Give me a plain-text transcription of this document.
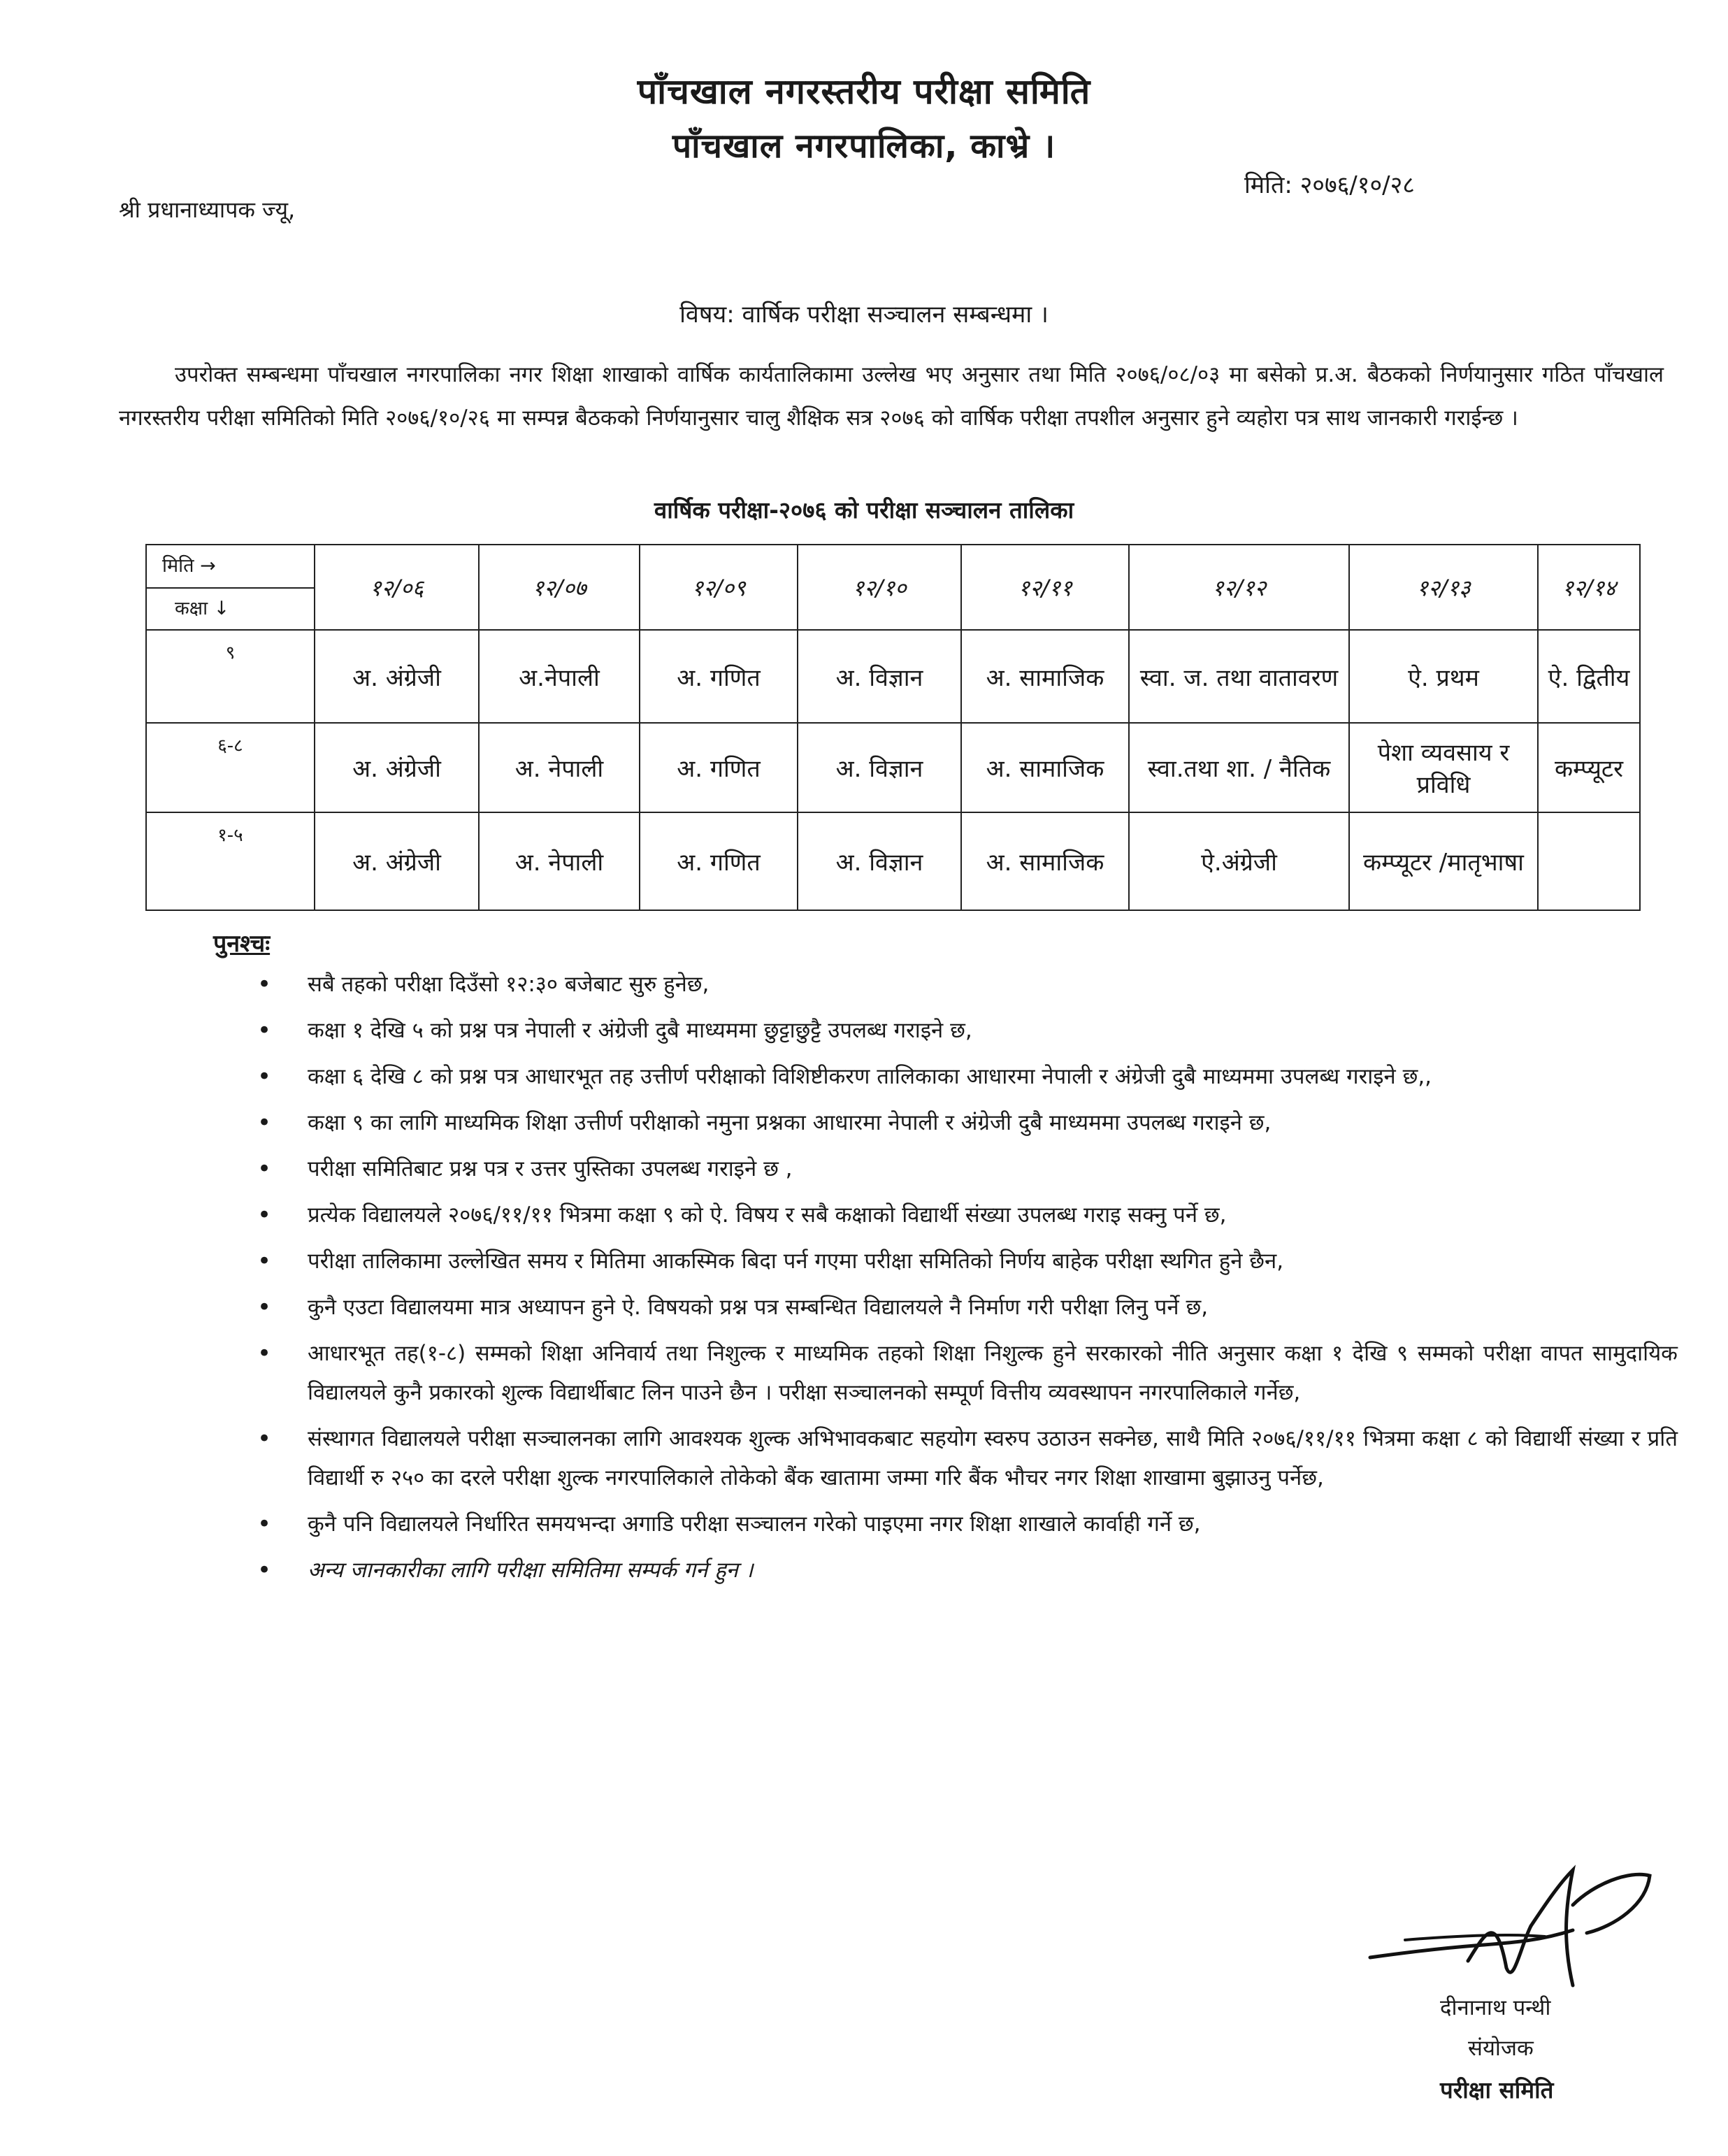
पाँचखाल नगरस्तरीय परीक्षा समिति
पाँचखाल नगरपालिका, काभ्रे ।
मिति: २०७६/१०/२८
श्री प्रधानाध्यापक ज्यू,
विषय: वार्षिक परीक्षा सञ्चालन सम्बन्धमा ।
उपरोक्त सम्बन्धमा पाँचखाल नगरपालिका नगर शिक्षा शाखाको वार्षिक कार्यतालिकामा उल्लेख भए अनुसार तथा मिति २०७६/०८/०३ मा बसेको प्र.अ. बैठकको निर्णयानुसार गठित पाँचखाल नगरस्तरीय परीक्षा समितिको मिति २०७६/१०/२६ मा सम्पन्न बैठकको निर्णयानुसार चालु शैक्षिक सत्र २०७६ को वार्षिक परीक्षा तपशील अनुसार हुने व्यहोरा पत्र साथ जानकारी गराईन्छ ।
वार्षिक परीक्षा-२०७६ को परीक्षा सञ्चालन तालिका
मिति →
कक्षा ↓	१२/०६	१२/०७	१२/०९	१२/१०	१२/११	१२/१२	१२/१३	१२/१४
९	अ. अंग्रेजी	अ.नेपाली	अ. गणित	अ. विज्ञान	अ. सामाजिक	स्वा. ज. तथा वातावरण	ऐ. प्रथम	ऐ. द्वितीय
६-८	अ. अंग्रेजी	अ. नेपाली	अ. गणित	अ. विज्ञान	अ. सामाजिक	स्वा.तथा शा. / नैतिक	पेशा व्यवसाय र प्रविधि	कम्प्यूटर
१-५	अ. अंग्रेजी	अ. नेपाली	अ. गणित	अ. विज्ञान	अ. सामाजिक	ऐ.अंग्रेजी	कम्प्यूटर /मातृभाषा	
पुनश्चः
• सबै तहको परीक्षा दिउँसो १२:३० बजेबाट सुरु हुनेछ,
• कक्षा १ देखि ५ को प्रश्न पत्र नेपाली र अंग्रेजी दुबै माध्यममा छुट्टाछुट्टै उपलब्ध गराइने छ,
• कक्षा ६ देखि ८ को प्रश्न पत्र आधारभूत तह उत्तीर्ण परीक्षाको विशिष्टीकरण तालिकाका आधारमा नेपाली र अंग्रेजी दुबै माध्यममा उपलब्ध गराइने छ,,
• कक्षा ९ का लागि माध्यमिक शिक्षा उत्तीर्ण परीक्षाको नमुना प्रश्नका आधारमा नेपाली र अंग्रेजी दुबै माध्यममा उपलब्ध गराइने छ,
• परीक्षा समितिबाट प्रश्न पत्र र उत्तर पुस्तिका उपलब्ध गराइने छ ,
• प्रत्येक विद्यालयले २०७६/११/११ भित्रमा कक्षा ९ को ऐ. विषय र सबै कक्षाको विद्यार्थी संख्या उपलब्ध गराइ सक्नु पर्ने छ,
• परीक्षा तालिकामा उल्लेखित समय र मितिमा आकस्मिक बिदा पर्न गएमा परीक्षा समितिको निर्णय बाहेक परीक्षा स्थगित हुने छैन,
• कुनै एउटा विद्यालयमा मात्र अध्यापन हुने ऐ. विषयको प्रश्न पत्र सम्बन्धित विद्यालयले नै निर्माण गरी परीक्षा लिनु पर्ने छ,
• आधारभूत तह(१-८) सम्मको शिक्षा अनिवार्य तथा निशुल्क र माध्यमिक तहको शिक्षा निशुल्क हुने सरकारको नीति अनुसार कक्षा १ देखि ९ सम्मको परीक्षा वापत सामुदायिक विद्यालयले कुनै प्रकारको शुल्क विद्यार्थीबाट लिन पाउने छैन । परीक्षा सञ्चालनको सम्पूर्ण वित्तीय व्यवस्थापन नगरपालिकाले गर्नेछ,
• संस्थागत विद्यालयले परीक्षा सञ्चालनका लागि आवश्यक शुल्क अभिभावकबाट सहयोग स्वरुप उठाउन सक्नेछ, साथै मिति २०७६/११/११ भित्रमा कक्षा ८ को विद्यार्थी संख्या र प्रति विद्यार्थी रु २५० का दरले परीक्षा शुल्क नगरपालिकाले तोकेको बैंक खातामा जम्मा गरि बैंक भौचर नगर शिक्षा शाखामा बुझाउनु पर्नेछ,
• कुनै पनि विद्यालयले निर्धारित समयभन्दा अगाडि परीक्षा सञ्चालन गरेको पाइएमा नगर शिक्षा शाखाले कार्वाही गर्ने छ,
• अन्य जानकारीका लागि परीक्षा समितिमा सम्पर्क गर्न हुन ।
दीनानाथ पन्थी
संयोजक
परीक्षा समिति
